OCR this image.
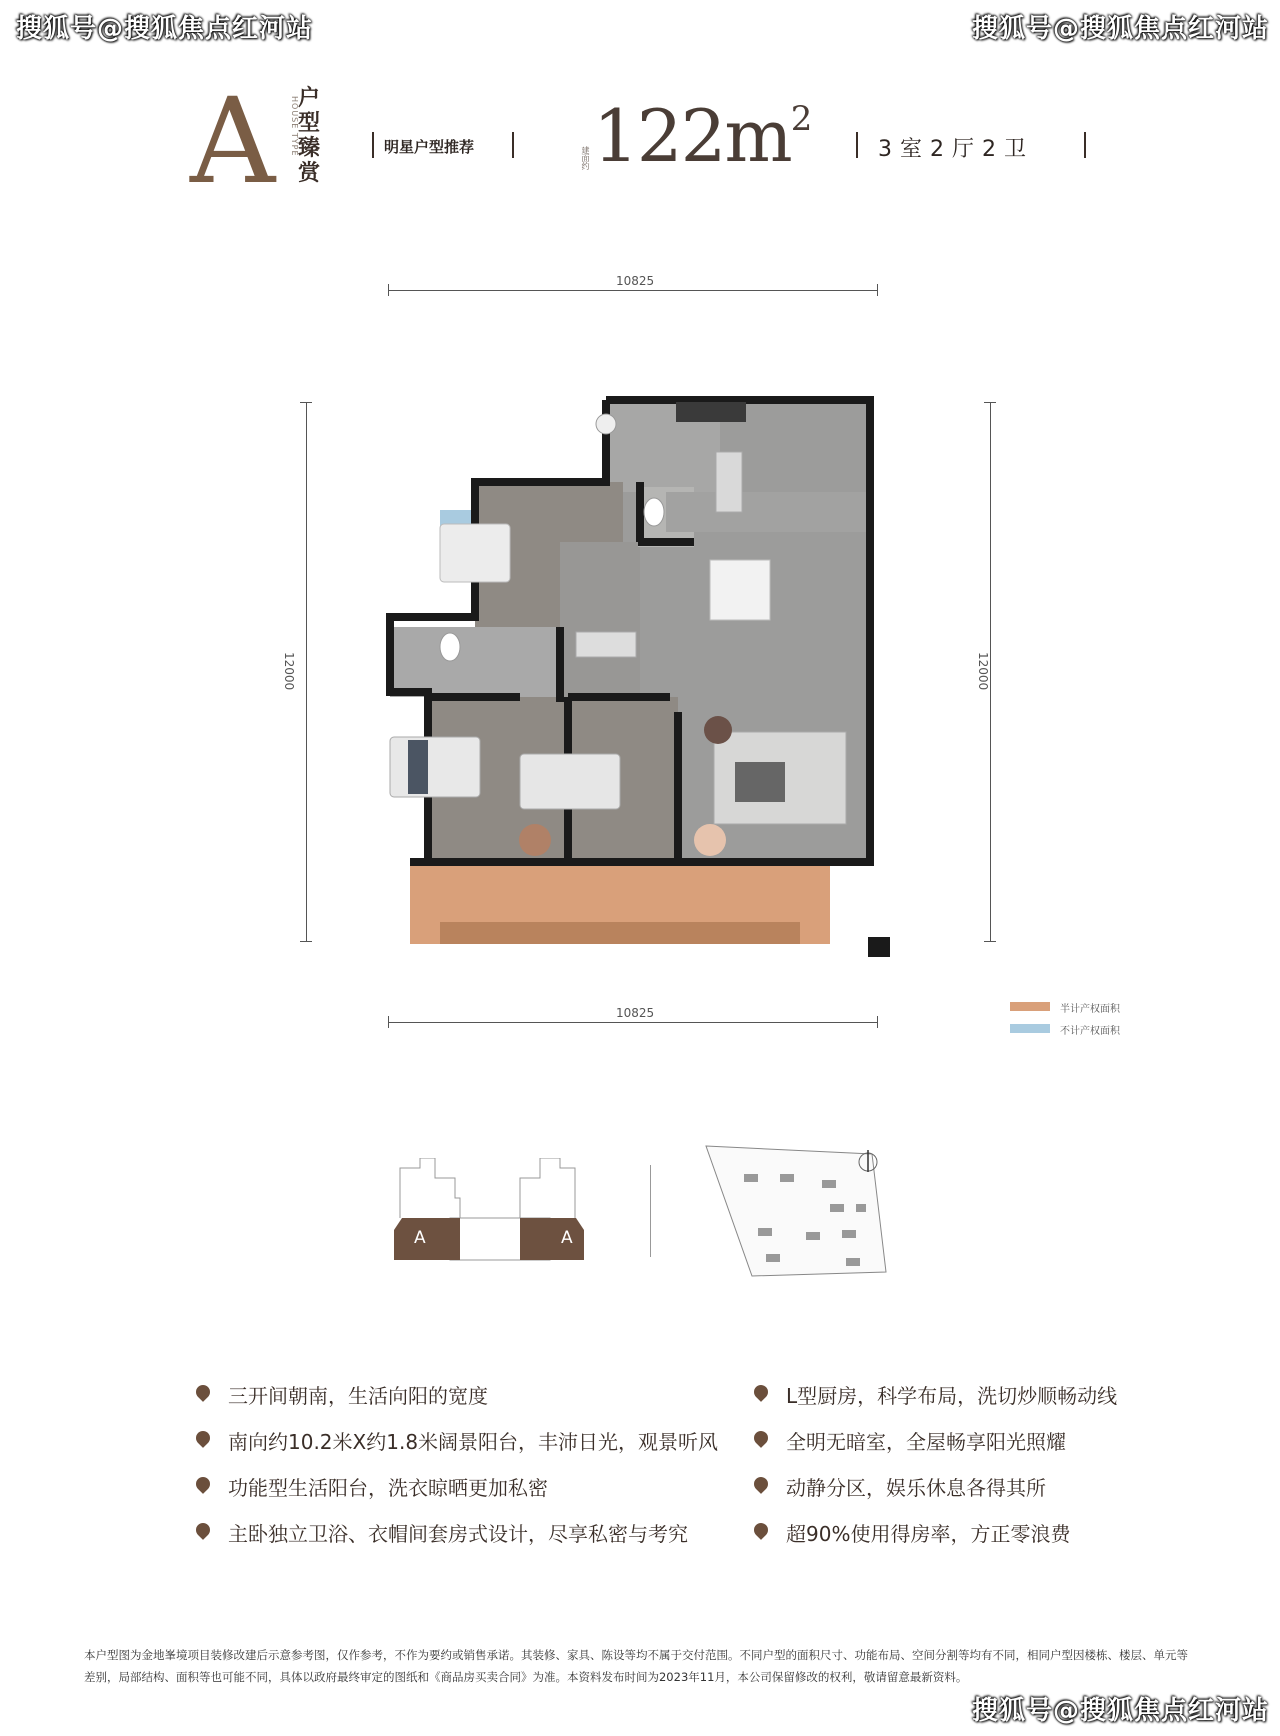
搜狐号@搜狐焦点红河站	搜狐号@搜狐焦点红河站
搜狐号@搜狐焦点红河站
A 户型臻赏
HOUSE TYPE	明星户型推荐	建面约 $122m^2$
3室2厅2卫
10825
10825
12000	12000
半计产权面积
不计产权面积
A	A
三开间朝南，生活向阳的宽度
南向约10.2米X约1.8米阔景阳台，丰沛日光，观景听风
功能型生活阳台，洗衣晾晒更加私密
主卧独立卫浴、衣帽间套房式设计，尽享私密与考究
L型厨房，科学布局，洗切炒顺畅动线
全明无暗室，全屋畅享阳光照耀
动静分区，娱乐休息各得其所
超90%使用得房率，方正零浪费
本户型图为金地峯境项目装修改建后示意参考图，仅作参考，不作为要约或销售承诺。其装修、家具、陈设等均不属于交付范围。不同户型的面积尺寸、功能布局、空间分割等均有不同，相同户型因楼栋、楼层、单元等差别，局部结构、面积等也可能不同，具体以政府最终审定的图纸和《商品房买卖合同》为准。本资料发布时间为2023年11月，本公司保留修改的权利，敬请留意最新资料。
